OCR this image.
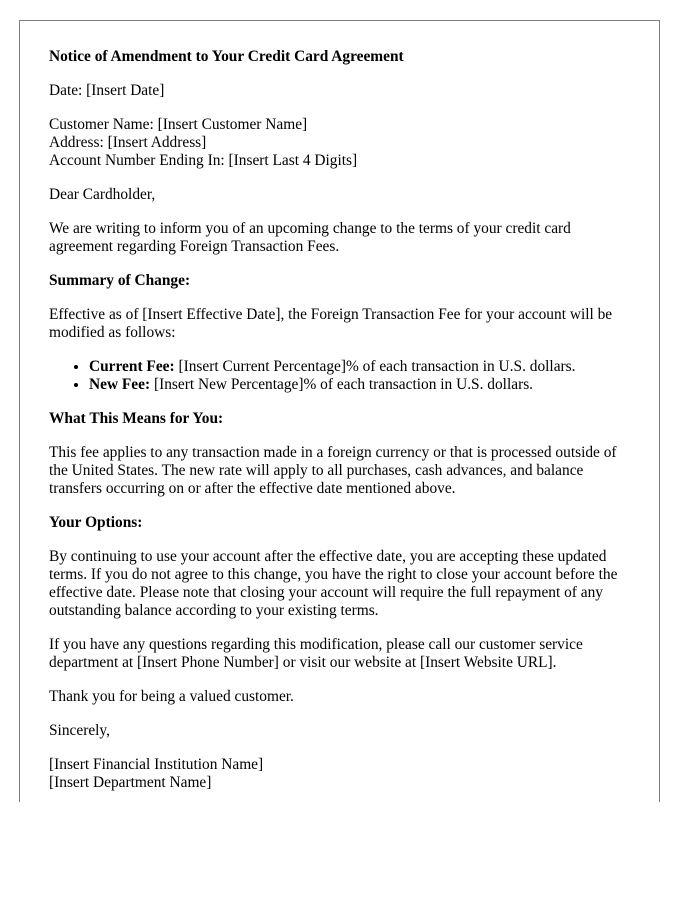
Notice of Amendment to Your Credit Card Agreement

Date: [Insert Date]

Customer Name: [Insert Customer Name]
Address: [Insert Address]
Account Number Ending In: [Insert Last 4 Digits]

Dear Cardholder,

We are writing to inform you of an upcoming change to the terms of your credit card agreement regarding Foreign Transaction Fees.

Summary of Change:

Effective as of [Insert Effective Date], the Foreign Transaction Fee for your account will be modified as follows:

• Current Fee: [Insert Current Percentage]% of each transaction in U.S. dollars.
• New Fee: [Insert New Percentage]% of each transaction in U.S. dollars.
What This Means for You:

This fee applies to any transaction made in a foreign currency or that is processed outside of the United States. The new rate will apply to all purchases, cash advances, and balance transfers occurring on or after the effective date mentioned above.

Your Options:

By continuing to use your account after the effective date, you are accepting these updated terms. If you do not agree to this change, you have the right to close your account before the effective date. Please note that closing your account will require the full repayment of any outstanding balance according to your existing terms.

If you have any questions regarding this modification, please call our customer service department at [Insert Phone Number] or visit our website at [Insert Website URL].

Thank you for being a valued customer.

Sincerely,

[Insert Financial Institution Name]
[Insert Department Name]
